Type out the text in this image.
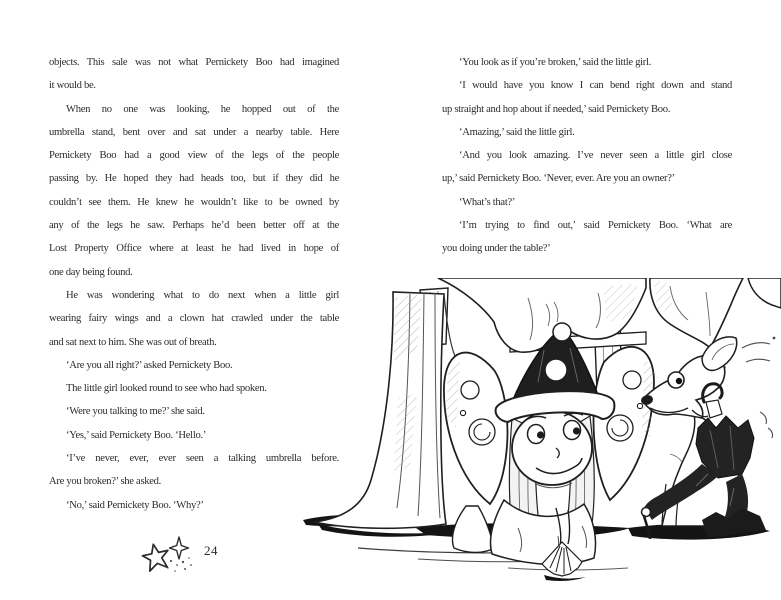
objects. This sale was not what Pernickety Boo had imagined
it would be.
When no one was looking, he hopped out of the
umbrella stand, bent over and sat under a nearby table. Here
Pernickety Boo had a good view of the legs of the people
passing by. He hoped they had heads too, but if they did he
couldn’t see them. He knew he wouldn’t like to be owned by
any of the legs he saw. Perhaps he’d been better off at the
Lost Property Office where at least he had lived in hope of
one day being found.
He was wondering what to do next when a little girl
wearing fairy wings and a clown hat crawled under the table
and sat next to him. She was out of breath.
‘Are you all right?’ asked Pernickety Boo.
The little girl looked round to see who had spoken.
‘Were you talking to me?’ she said.
‘Yes,’ said Pernickety Boo. ‘Hello.’
‘I’ve never, ever, ever seen a talking umbrella before.
Are you broken?’ she asked.
‘No,’ said Pernickety Boo. ‘Why?’
24
‘You look as if you’re broken,’ said the little girl.
‘I would have you know I can bend right down and stand
up straight and hop about if needed,’ said Pernickety Boo.
‘Amazing,’ said the little girl.
‘And you look amazing. I’ve never seen a little girl close
up,’ said Pernickety Boo. ‘Never, ever. Are you an owner?’
‘What’s that?’
‘I’m trying to find out,’ said Pernickety Boo. ‘What are
you doing under the table?’
